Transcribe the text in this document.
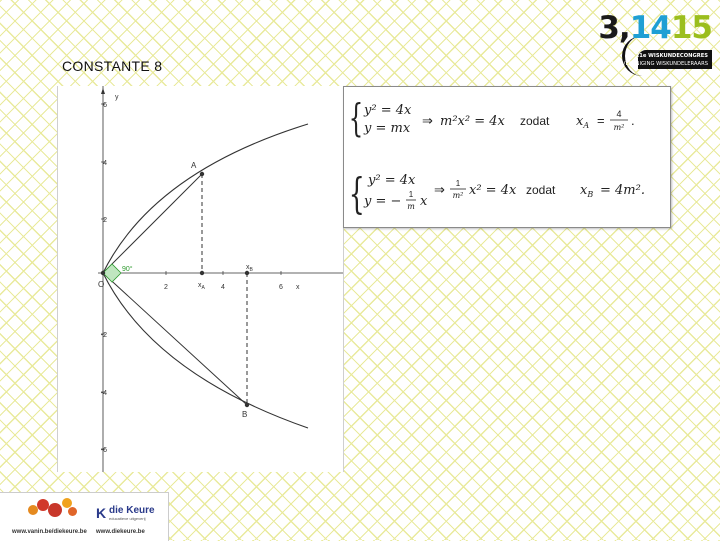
CONSTANTE 8
3,1415
21e WISKUNDECONGRES
DE VLAAMSE VERENIGING WISKUNDELERAARS
y
x
6
4
2
-2
-4
-6
2	4	6
90°
O
A
B
$x_A$
$x_B$
{ y² = 4x
y = mx
⇒ m²x² = 4x zodat $x_A = 4$
m² .
{ y² = 4x
y = − 1
m x
⇒ 1
m² x² = 4x zodat $x_B = 4m^2$.
www.vanin.be/diekeure.be
K die Keure
educatieve uitgeverij
www.diekeure.be
